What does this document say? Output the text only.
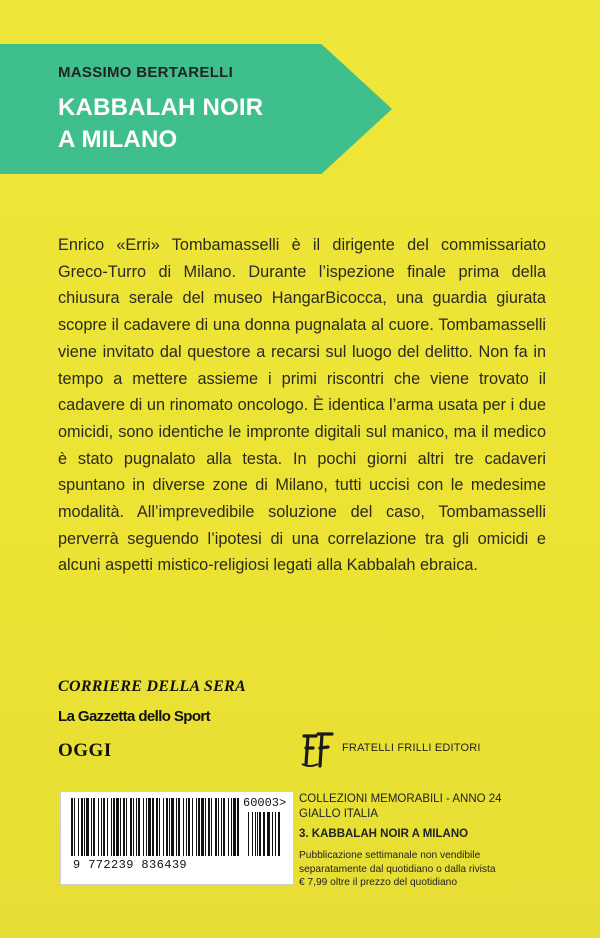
MASSIMO BERTARELLI
KABBALAH NOIR
A MILANO
Enrico «Erri» Tombamasselli è il dirigente del commissariato Greco-Turro di Milano. Durante l’ispezione finale prima della chiusura serale del museo HangarBicocca, una guardia giurata scopre il cadavere di una donna pugnalata al cuore. Tombamasselli viene invitato dal questore a recarsi sul luogo del delitto. Non fa in tempo a mettere assieme i primi riscontri che viene trovato il cadavere di un rinomato oncologo. È identica l’arma usata per i due omicidi, sono identiche le impronte digitali sul manico, ma il medico è stato pugnalato alla testa. In pochi giorni altri tre cadaveri spuntano in diverse zone di Milano, tutti uccisi con le medesime modalità. All’imprevedibile soluzione del caso, Tombamasselli perverrà seguendo l’ipotesi di una correlazione tra gli omicidi e alcuni aspetti mistico-religiosi legati alla Kabbalah ebraica.
CORRIERE DELLA SERA
La Gazzetta dello Sport
OGGI	FRATELLI FRILLI EDITORI
9 772239 836439
60003> COLLEZIONI MEMORABILI - ANNO 24
GIALLO ITALIA
3. KABBALAH NOIR A MILANO
Pubblicazione settimanale non vendibile
separatamente dal quotidiano o dalla rivista
€ 7,99 oltre il prezzo del quotidiano
